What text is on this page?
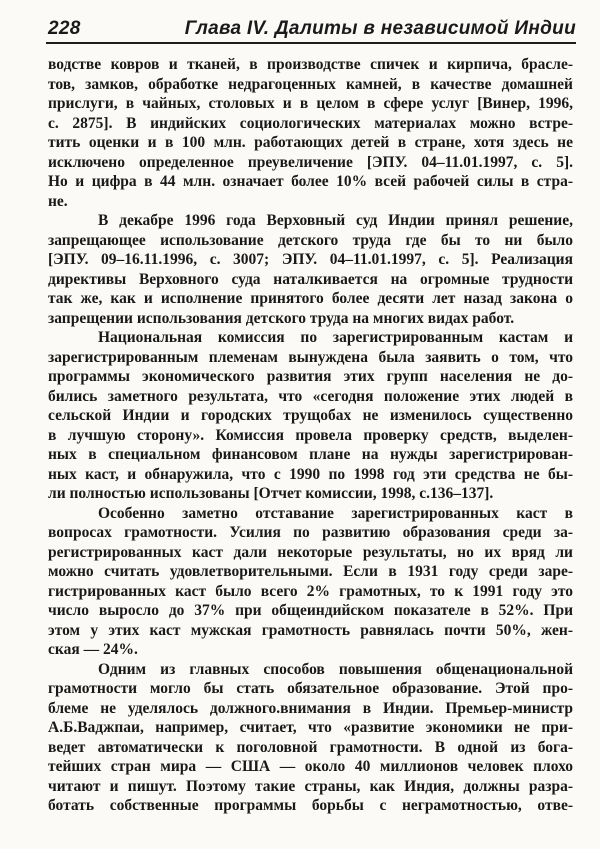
228	Глава IV. Далиты в независимой Индии
водстве ковров и тканей, в производстве спичек и кирпича, брасле-
тов, замков, обработке недрагоценных камней, в качестве домашней
прислуги, в чайных, столовых и в целом в сфере услуг [Винер, 1996,
с. 2875]. В индийских социологических материалах можно встре-
тить оценки и в 100 млн. работающих детей в стране, хотя здесь не
исключено определенное преувеличение [ЭПУ. 04–11.01.1997, с. 5].
Но и цифра в 44 млн. означает более 10% всей рабочей силы в стра-
не.
В декабре 1996 года Верховный суд Индии принял решение,
запрещающее использование детского труда где бы то ни было
[ЭПУ. 09–16.11.1996, с. 3007; ЭПУ. 04–11.01.1997, с. 5]. Реализация
директивы Верховного суда наталкивается на огромные трудности
так же, как и исполнение принятого более десяти лет назад закона о
запрещении использования детского труда на многих видах работ.
Национальная комиссия по зарегистрированным кастам и
зарегистрированным племенам вынуждена была заявить о том, что
программы экономического развития этих групп населения не до-
бились заметного результата, что «сегодня положение этих людей в
сельской Индии и городских трущобах не изменилось существенно
в лучшую сторону». Комиссия провела проверку средств, выделен-
ных в специальном финансовом плане на нужды зарегистрирован-
ных каст, и обнаружила, что с 1990 по 1998 год эти средства не бы-
ли полностью использованы [Отчет комиссии, 1998, с.136–137].
Особенно заметно отставание зарегистрированных каст в
вопросах грамотности. Усилия по развитию образования среди за-
регистрированных каст дали некоторые результаты, но их вряд ли
можно считать удовлетворительными. Если в 1931 году среди заре-
гистрированных каст было всего 2% грамотных, то к 1991 году это
число выросло до 37% при общеиндийском показателе в 52%. При
этом у этих каст мужская грамотность равнялась почти 50%, жен-
ская — 24%.
Одним из главных способов повышения общенациональной
грамотности могло бы стать обязательное образование. Этой про-
блеме не уделялось должного.внимания в Индии. Премьер-министр
А.Б.Ваджпаи, например, считает, что «развитие экономики не при-
ведет автоматически к поголовной грамотности. В одной из бога-
тейших стран мира — США — около 40 миллионов человек плохо
читают и пишут. Поэтому такие страны, как Индия, должны разра-
ботать собственные программы борьбы с неграмотностью, отве-
